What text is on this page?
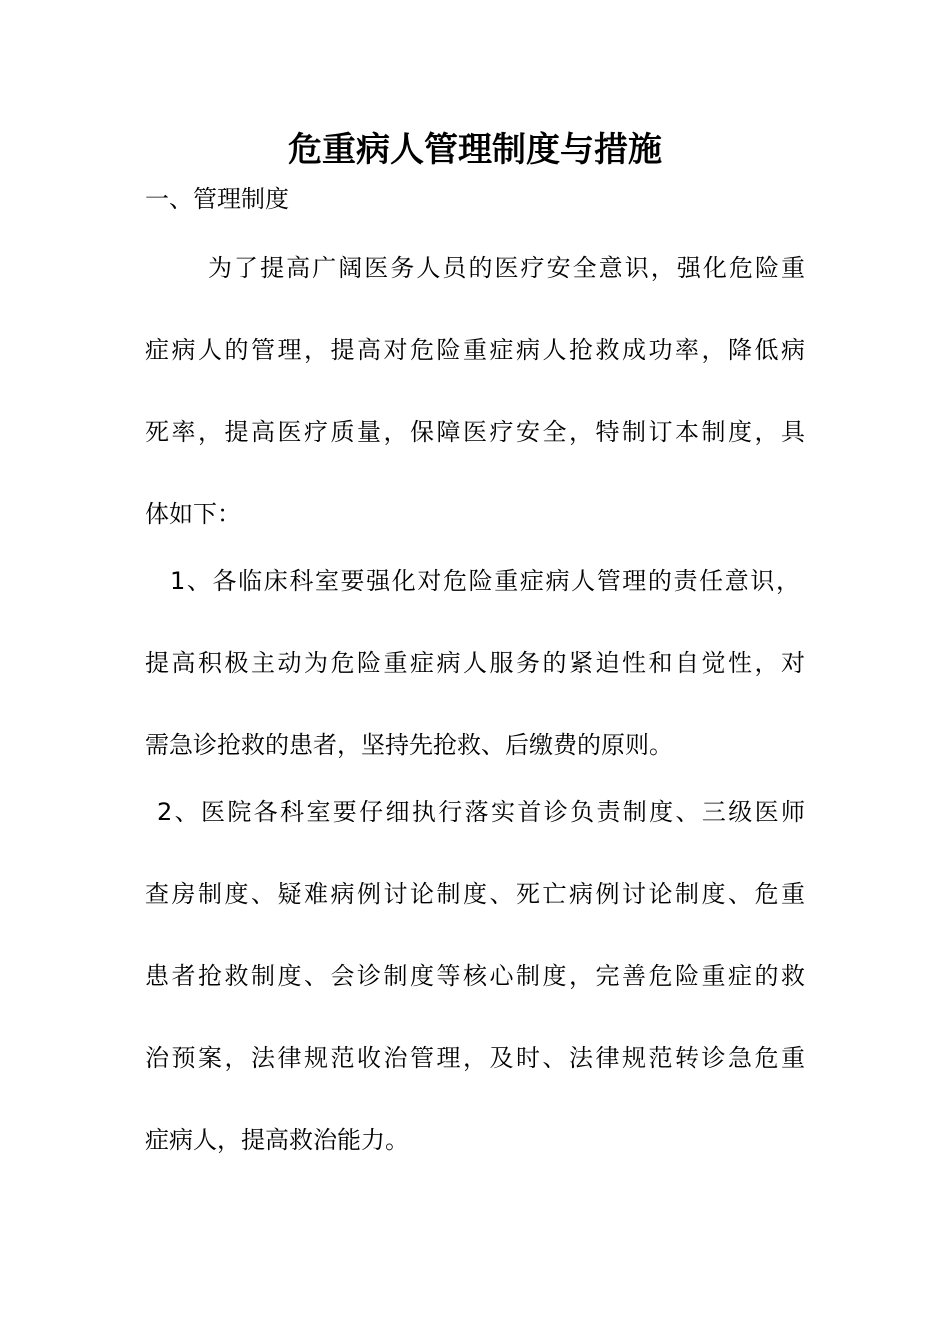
危重病人管理制度与措施
一、管理制度
为了提高广阔医务人员的医疗安全意识，强化危险重
症病人的管理，提高对危险重症病人抢救成功率，降低病
死率，提高医疗质量，保障医疗安全，特制订本制度，具
体如下：
1、各临床科室要强化对危险重症病人管理的责任意识，
提高积极主动为危险重症病人服务的紧迫性和自觉性，对
需急诊抢救的患者，坚持先抢救、后缴费的原则。
2、医院各科室要仔细执行落实首诊负责制度、三级医师
查房制度、疑难病例讨论制度、死亡病例讨论制度、危重
患者抢救制度、会诊制度等核心制度，完善危险重症的救
治预案，法律规范收治管理，及时、法律规范转诊急危重
症病人，提高救治能力。
